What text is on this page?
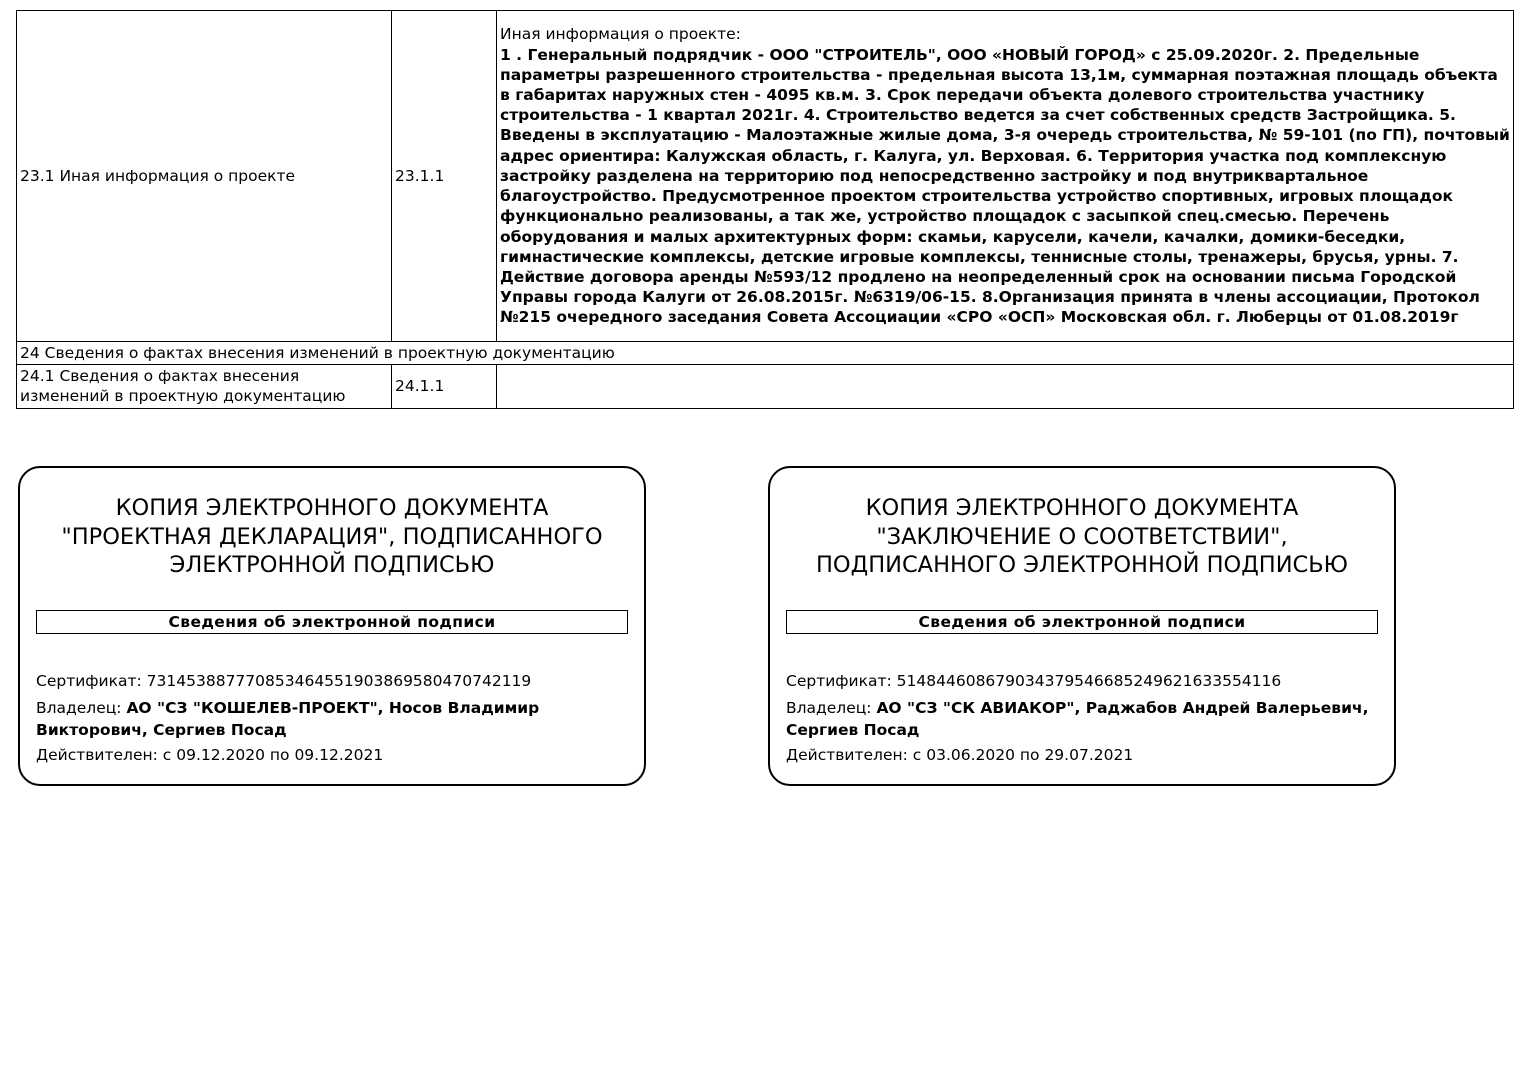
23.1 Иная информация о проекте	23.1.1	Иная информация о проекте:
1 . Генеральный подрядчик - ООО "СТРОИТЕЛЬ", ООО «НОВЫЙ ГОРОД» с 25.09.2020г. 2. Предельные параметры разрешенного строительства - предельная высота 13,1м, суммарная поэтажная площадь объекта в габаритах наружных стен - 4095 кв.м. 3. Срок передачи объекта долевого строительства участнику строительства - 1 квартал 2021г. 4. Строительство ведется за счет собственных средств Застройщика. 5. Введены в эксплуатацию - Малоэтажные жилые дома, 3-я очередь строительства, № 59-101 (по ГП), почтовый адрес ориентира: Калужская область, г. Калуга, ул. Верховая. 6. Территория участка под комплексную застройку разделена на территорию под непосредственно застройку и под внутриквартальное благоустройство. Предусмотренное проектом строительства устройство спортивных, игровых площадок функционально реализованы, а так же, устройство площадок с засыпкой спец.смесью. Перечень оборудования и малых архитектурных форм: скамьи, карусели, качели, качалки, домики-беседки, гимнастические комплексы, детские игровые комплексы, теннисные столы, тренажеры, брусья, урны. 7. Действие договора аренды №593/12 продлено на неопределенный срок на основании письма Городской Управы города Калуги от 26.08.2015г. №6319/06-15. 8.Организация принята в члены ассоциации, Протокол №215 очередного заседания Совета Ассоциации «СРО «ОСП» Московская обл. г. Люберцы от 01.08.2019г

24 Сведения о фактах внесения изменений в проектную документацию		
24.1 Сведения о фактах внесения изменений в проектную документацию	24.1.1	
КОПИЯ ЭЛЕКТРОННОГО ДОКУМЕНТА "ПРОЕКТНАЯ ДЕКЛАРАЦИЯ", ПОДПИСАННОГО ЭЛЕКТРОННОЙ ПОДПИСЬЮ
Сведения об электронной подписи
Сертификат: 73145388777085346455190386958047074211​9
Владелец: АО "СЗ "КОШЕЛЕВ-ПРОЕКТ", Носов Владимир Викторович, Сергиев Посад
Действителен: с 09.12.2020 по 09.12.2021
КОПИЯ ЭЛЕКТРОННОГО ДОКУМЕНТА "ЗАКЛЮЧЕНИЕ О СООТВЕТСТВИИ", ПОДПИСАННОГО ЭЛЕКТРОННОЙ ПОДПИСЬЮ
Сведения об электронной подписи
Сертификат: 514844608679034379546685249621633554116
Владелец: АО "СЗ "СК АВИАКОР", Раджабов Андрей Валерьевич, Сергиев Посад
Действителен: с 03.06.2020 по 29.07.2021
